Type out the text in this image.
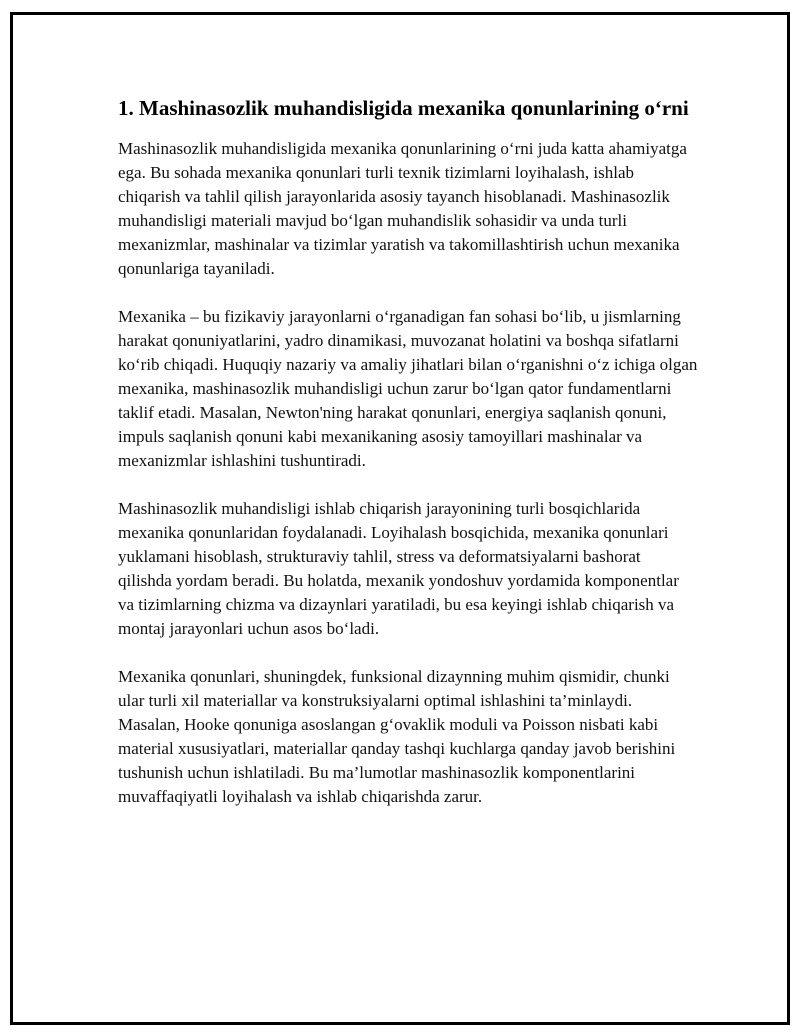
1. Mashinasozlik muhandisligida mexanika qonunlarining o‘rni

Mashinasozlik muhandisligida mexanika qonunlarining o‘rni juda katta ahamiyatga ega. Bu sohada mexanika qonunlari turli texnik tizimlarni loyihalash, ishlab chiqarish va tahlil qilish jarayonlarida asosiy tayanch hisoblanadi. Mashinasozlik muhandisligi materiali mavjud bo‘lgan muhandislik sohasidir va unda turli mexanizmlar, mashinalar va tizimlar yaratish va takomillashtirish uchun mexanika qonunlariga tayaniladi.

Mexanika – bu fizikaviy jarayonlarni o‘rganadigan fan sohasi bo‘lib, u jismlarning harakat qonuniyatlarini, yadro dinamikasi, muvozanat holatini va boshqa sifatlarni ko‘rib chiqadi. Huquqiy nazariy va amaliy jihatlari bilan o‘rganishni o‘z ichiga olgan mexanika, mashinasozlik muhandisligi uchun zarur bo‘lgan qator fundamentlarni taklif etadi. Masalan, Newton'ning harakat qonunlari, energiya saqlanish qonuni, impuls saqlanish qonuni kabi mexanikaning asosiy tamoyillari mashinalar va mexanizmlar ishlashini tushuntiradi.

Mashinasozlik muhandisligi ishlab chiqarish jarayonining turli bosqichlarida mexanika qonunlaridan foydalanadi. Loyihalash bosqichida, mexanika qonunlari yuklamani hisoblash, strukturaviy tahlil, stress va deformatsiyalarni bashorat qilishda yordam beradi. Bu holatda, mexanik yondoshuv yordamida komponentlar va tizimlarning chizma va dizaynlari yaratiladi, bu esa keyingi ishlab chiqarish va montaj jarayonlari uchun asos bo‘ladi.

Mexanika qonunlari, shuningdek, funksional dizaynning muhim qismidir, chunki ular turli xil materiallar va konstruksiyalarni optimal ishlashini ta’minlaydi. Masalan, Hooke qonuniga asoslangan g‘ovaklik moduli va Poisson nisbati kabi material xususiyatlari, materiallar qanday tashqi kuchlarga qanday javob berishini tushunish uchun ishlatiladi. Bu ma’lumotlar mashinasozlik komponentlarini muvaffaqiyatli loyihalash va ishlab chiqarishda zarur.
